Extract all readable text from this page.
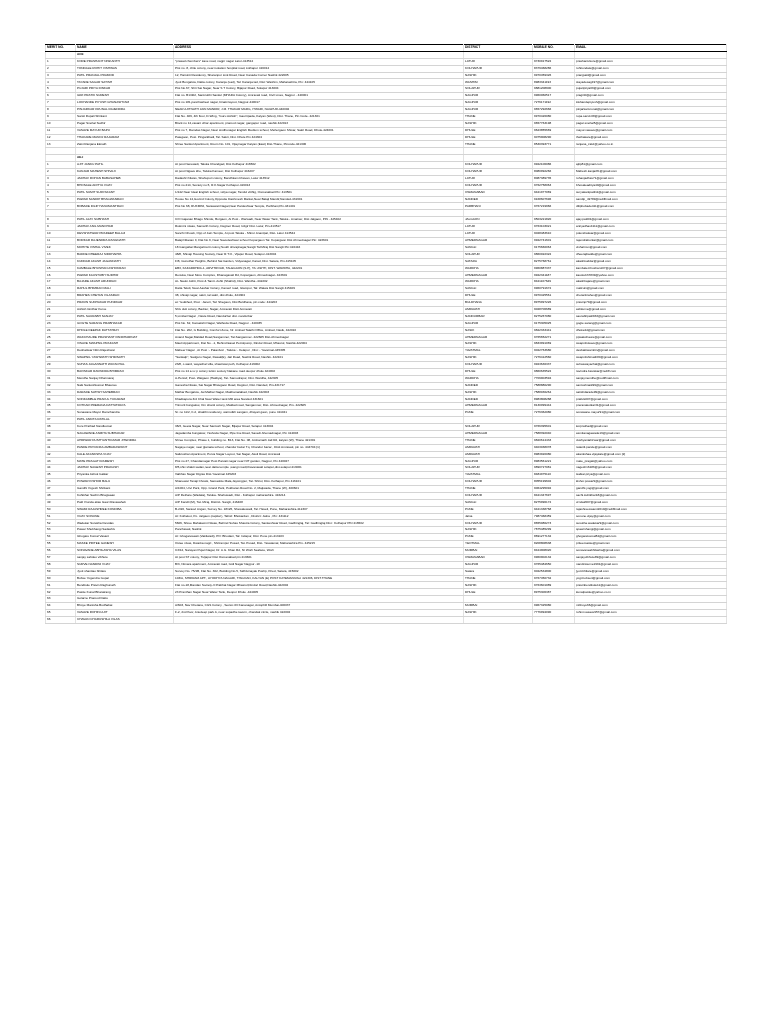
MERIT NO.	NAME	ADDRESS	DISTRICT	MOBILE NO.	EMAIL
	ACE				
1	KORE PRASHANT NISKANTH	"prasad chembers" kave road, nagpr nagar Latur-413512	LATUR	9730917522	prashantvkore@gmail.com
2	TONDALE ROHIT VISHWAS	Plot no. 8, chile colony, near isolation hospital road, kolhapur 416012	KOLHAPUR	8379468286	rohitondale@gmail.com
3	PATIL PRANJAL PRAMOD	12, Harsinti Residency, Sharanpur Link Road, Near Canada Corner Nashik 422005	NASHIK	9970459326	pranjpatil@gmail.com
4	TAYADE SAGAR SATISH	Jyoti Bungalow, Datta colony, Karanja (Lad), Tal: Karanja lad, Dist: Washim, Maharashtra, Pin: 444105	WASHIM	8983341193	stayadesag197@gmail.com
5	PUJARI PRIYA DINKAR	Plot No.67, Shri Sai Nagar, Near S T Colony, Bijapur Road, Solapur 413004	SOLAPUR	9881208900	pujaripriya09@gmail.com
6	GIRI PRATIK SURESH	Flat no. B1/402, Sankrutthi Sankul (MHADA Colony), Amravati road, Civil Lines, Nagpur - 440001	NAGPUR	9960060517	pragiri0@gmail.com
7	LOKHANDE PIYUSH GHANASHYAM	Plot no 181,panchasheel nagar, binaki layout, Nagpur-440017	NAGPUR	7276171192	lokhandepiyush@gmail.com
8	PINJARKAR KRUNAL RAJENDRA	NEAR AJITNATH JAIN MANDIR, J.M. THAKAR MARG, ITWARI, NAGPUR-440002	NAGPUR	9657292666	pinjarkar.krunal@gmail.com
9	Sarsit Rupali Shrikant	Flat No. 409, 4th floor, D-Wing, "Guru Ashish", Gaurripada, Kalyan (West), Dist. Thane, Pin Code- 421301	THANE	9970426080	rupa.sarsit.08@gmail.com
10	Pagar Snehal Sudhir	Block no 12,vasant vihar apartment, pramod nagar, gangapur road, nashik 422013	NASHIK	9657763198	pagar.snehal5@gmail.com
11	VASAVE MAYUR BAPU	Plot no 7, Ramdas Nagar, Near sindhunagar English Medium school, Mehergaon Shivar, Sakri Road, Dhule-424001	DHULE	9623855669	mayur.vasave@gmail.com
12	THAKARE MANOJ RAJARAM	Pategaon, Post. Pingarkhadi, Tal. Sakri, Dist. Dhule Pin 424304	DHULE	9075908290	thethakare@gmail.com
13	Zalvi Ranjana Eknath	Shree Sankul Apartment, Room No. 101, Vijaynagar Kalyan (East) Dist-Thane, Pincode-421306	THANE	8530393771	ranjana_zalvi@yahoo.co.in

	AE-I				
1	AJIT JANKU PATIL	At post Nerewadi, Taluka Chandgad, Dist Kolhapur 416502	KOLHAPUR	9922106086	ajitp81@gmail.com
2	KANJAR MAHESH SHIVAJI	At post Nigave khe, Taluka Karveer, Dist Kolhapur 416207	KOLHAPUR	8080992266	Mahesh.kanjar81@gmail.com
3	JADHAV ROHAN BABASAHEB	Dadashri Niwas, Shahupuri colony, Bandhkam bhavan, Latur 413512	LATUR	8087389735	rohanjadhav71@gmail.com
4	BHOSALE ADITYA VIJAY	Plot no.214, Society no.5, R.K.Nagar Kolhapur-416013	KOLHAPUR	9762758063	bhosaleaditya40@gmail.com
5	PATIL SUMIT SURYAKANT	1/142 Near Ideal English school, vidya nagar, Tandul vitthig, Osmanabad Pin: 413501	OSMANABAD	9421977069	suryakantpatil11@gmail.com
6	PAWAR SANDIP BHAGWANRAO	House No 14,Govind Colony,Opposite Dashmesh Market,Near Balaji Mandir,Nanded-431601	NANDED	9168607696	sandip_n9789@rediffmail.com
7	BOBADE DILIP HANUMANTRAO	Plot No 68, RUKMINI, Saraswati Nagar,Near Pardeshwar Temple, Parbhani,Pin-431401	PARBHANI	9767219966	dilipbobade411@gmail.com

8	PATIL AJAY SUBHASH	C/O Gajanan Bhagu Shinde, Borgaon, At Post - Warwadi, Near Water Tank, Taluka - Amalner, Dist Jalgaon, PIN - 425402	JALGAON	9503221820	ajay.patil01@gmail.com
9	JADHAV ANIL MANOHAR	Rukmini niwas, Samarth Colony, Degloor Road, Udgir Dist. Latur, Pin-413517	LATUR	9763103021	anil.jadhav4111@gmail.com
10	DEVSHATWAR PRADEEP BALAJI	Sanchi Chowk, Opp of Jain Temple, At post Taluka - Shirur Anantpal, Dist- Latur 413544	LATUR	9028483610	pdevshatwar@gmail.com
11	BORKAR RAJENDRA RANGNATH	Balaji Niketan II, Flat No 9, Near Savedeshwar school Kopargaon Tal. Kopargaon Dist Ahmednagar Pin: 423601	AHMEDNAGAR	9922741601	rajendraborkar@gmail.com
12	MOHITE VISHAL VIVEK	18 Gangabai Mangalmurti colony,South shivajinagar,Sangli Tal:Miraj Dist Sangli Pin:416416	SANGLI	9175666063	vishalmvn@gmail.com
13	BADDE DHEERAJ SIDDHAPPA	48/8, Shivaji Housing Society, Near R.T.O., Vijapur Road, Solapur-413004	SOLAPUR	9860022322	dheerajbadde@gmail.com
14	KUDDAR AKASH JAGANNATH	F/8, Gurudhar Heights, Behind Sai Garden, Vidyanagar, Karad, Dist. Satara, Pin-415105	SATARA	8275768761	akashkuddar@gmail.com
15	KAMBALE BHUSHAN ASHOKRAO	EB3, KAKADDHRA-1, ARVITROAD, TALEGAON (S.P), TA: ASHTI, DIST. WARDHA, 442201	WARDHA	9960887337	kambale.bhushan107@gmail.com
16	PAWAR KAUSTUBH SUDHIR	Renuka, Near More Complex, Dhanagavali Rd, Kopargaon, Ahmednagar- 423601	AHMEDNAGAR	9922341187	kaustubh7839@yahoo.com
17	BAJARE AKASH ARUNRAO	At- Nautn Ashti, Post & Tamil- Ashti (Shahid), Dist- Wardha -442202	WARDHA	8421107649	akashbajare@gmail.com
18	RAHUL BHIMRAO MALI	Datta Tekdi, Near Aashar Colony, Kamerl road, Islampur, Tal: Walwa Dist Sangli 415409	SANGLI	9960791672	malirui1@gmail.com
19	BRAHES CHETAN VILASRAO	38, shivaji nagar, sakri, tal sakri, dist dhule, 424304	DHULE	9970425561	chetanbrahes@gmail.com
20	PRAVIN SUDHAKAR PUNDKAR	at: Yeulkhed, Post : Janori, Tal: Shegaon, Dist Buldhana, pin code: 444203	BULDHANA	8975997226	pravinp79@gmail.com
21	Ashish Girdhar Kurve	Shiv dutt colony, Badnur, Nagar, Amravati Distt Amravati	AMRAVATI	9028706689	ashkurve@gmail.com
22	PATIL SAURABH SANJAY	5,Limbai Nagar , Navle Road, Nandurbar dist. nandurbar	NANDURBAR	8275267080	saurabhpatil933@gmail.com
23	GOGTE SARANG PRABHAKAR	Plot No. 62, Kamakshi Nagar, Wathoda Road, Nagpur - 440035	NAGPUR	9175305025	gogte.sarang@gmail.com
24	DHOLE DEEPAK DATTATRAY	Flat No. 202, G Building, Comfort Zone, Nr. Ambad Talathi Office, Ambad, Nasik, 422010	NASIK	9822333441	dhoke4d@gmail.com
25	WAKCHAURE PRASHANT PANDHARINAT	Anand Nagar,Maldad Road,Sangamner, Tal-Sangamner- 422605 Dist-Ahmednagar	AHMEDNAGAR	9765652271	ppwakchaure@gmail.com
26	VISAVE SWAPNIL PRAKASH	Mauli Appartment, Flat No. -1, Behind Easel Petrolpump, Dindori Road, Mhasrul, Nashik-422004	NASHIK	9833991069	swapnilvisave@gmail.com
27	Deshatiwar Nitin Rajeshwar	Maheer Nagar , At Post :- Patanbori , Taluka :- Kelapur , Dist :- Yavatmal-445305	YAVATMAL	9022763680	desbattiwarnitin@gmail.com
28	SWAPNIL YASHWATH SHIRSATH	"Sankalp", Sadguru Nagar, Dasak(E), Jail Road, Nashik Road, Nashik- 422101	NASHIK	7276412560	swapnilshirsath80@gmail.com
29	SUHAS JAGANNATH WAYACHAL	23/8, c-ward, wayachal villa, shastrawi peth, Kolhapur-416002	KOLHAPUR	9923636337	suhaswayachal@gmail.com
30	BAVISKAR RAVINDRA BHIMRAO	Plot no 14 a.v.r.p colony tulsin society Nakane road deopur dhule 424002	DHULE	9860635522	ravindra.baviskar@rediff.com
31	Mendhe Sanjay Dharmaraj	A-Period; Post- Waigaon (Haldiya), Tal- Samudrapur, Dist. Wardha, 442305	WARDHA	7709903594	sanjaymendhe@rediffmail.com
32	Naik Santoshkumar Bhaurao	Ganesha Niwas, Sai Nagar Bhavgaon Road, Degloor, Dist. Nanded, Pin-431717	NANDED	7588880290	santoshnaik99@gmail.com
33	DARADE SATISH SAHEBRAO	Malhar Bungalow, Jai Malhar Nagar, Makhamalabad, Nashik 422003	NASHIK	7588036264	satishdarade99@gmail.com
34	SONKAMBLE PRAFUL TUKARAM	Khadkapura 3rd Chal Near Water tank Mill area Nanded 431601	NANDED	8983808288	prafuls007@gmail.com
35	KOTKAR PRERANA DATTATRAYA	Trimurti bungalow, Om shanti colony, Maldad road, Sangamner, Dist- Ahmednagar, Pin- 422605	AHMEDNAGAR	8130099444	preranakotkar31@gmail.com
36	Sonawane Mayur Ramchandra	Sr. no 11/2, F-2, shakthi residency, warrudkh sangam, dhayari gaon, pune 411041	PUNE	7276362080	sonawane.mayur91@gmail.com
37	PATIL ANKITA RATILAL				
38	Kore Prathad Nandkumar	38/3, Geeta Nagar, Near Santosh Nagar, Bijapur Road, Solapur 413004	SOLAPUR	9766395601	korprathad@gmail.com
39	NAGAWADE ASMITA SUBHAKAR	Jagadamba bungalow, Yashoda Nagar, Pipe line Road, Savedi Ahemadnagar, Pin 414003	AHMEDNAGAR	7588392040	asmitanagawade19@gmail.com
40	AHIRWAR DUSHYANTKUMAR JITENDRA	Shree Complex, Phase 1, building no. B13, Flat No. 08, Ambarnath Jail Rd, kalyan (W), Thane 421301	THANE	9820614433	dushyantahirwar@gmail.com
41	PANDE PRIYANKA AMBADASPANT	Nagaye nagar, near jijamata school, chandur bazar Tq. Chandur bazar , Distt Amravati, pin no. 444704 [1]	AMRAVATI	9403038078	ratanilt.pande@gmail.com
42	KALE AKANKSHA VIJAY	Saikrushan Apartment, Purva Nagar Layout, Sai Nagar, Akoli Road, Amravati	AMRAVATI	8983920080	akankshaa.vijaykale@gmail.com [2]
43	MATE PRAGATI RAMESH	Plot no.27, Chandamagar Post Parvati nagar near NIT garden, Nagpur, Pin 440027	NAGPUR	8983561221	mate_pragati@yahoo.com
44	JADHAV NAGESH PRAKASH	8/5,shiv shakti sadan,near datta temple ,wangi road,bhavanasali solapur,dist-solapur.413001	SOLAPUR	9890727081	nagesh16186@gmail.com
45	Priyanka Ashok Isalkar	Vaibhav Nagar Digras Dist-Yavatmal 445203	YAVATMAL	8484975110	isalkar.priya@gmail.com
46	POWAR KISHOR BALU	Shanewar Tanaji Chowk, Samadole Mala,Jaysingpur, Tal- Shirol, Dist- Kolhapur, Pin 416101	KOLHAPUR	8055199602	kishor.powar9@gmail.com
47	Gandhi Yogesh Shrikant	A/1004, Urvi Park, Opp. Grand Park, Pokharan Road No. 2, Majiwada, Thane (W), 400601	THANE	9064295092	gandhi.yogi@gmail.com
48	Kuhikhar Sachin Bhagwaan	A/P Rethare (Wadala), Taluka- Shahuwadi, Dist - Kolhapur maharashtra. 416214	KOLHAPUR	8421347697	sachi.kuhikhar18@gmail.com
49	Patil Vrunda alias Gauri Ravasaheb	A/P Kandli (M), Tal- Miraj, District- Sangli, 416408	SANGLI	8275996172	vrnda2007@gmail.com
50	SWAMI RAJASHREE KONDIBA	B-2/20, Sarasvi Angan, Survey No. 18/4/6, Shewalewadi, Tal. Haveli, Pune, Maharashtra-412307	PUNE	9421338768	rajashreeswami2010@rediffmail.com
51	VIJAY SONUNE	At: Kolhekot, Po. Jalgaon (capital ), Tahsil: Bhokardan , District: Jalna , Pin: 431112	Jalna	7987468459	sonune.vijay@gmail.com
52	Wadekar Surekha Devidas	5606, Shree Mahalaxmi Niwas, Behind Suhas Shastra Colony, Sankeshwar Road, Gadhinglaj, Tal: Gadhinglaj Dist : Kolhapur PIN 416502	KOLHAPUR	8655086273	surekha.wadekar9@gmail.com
53	Pawar Shubhangi Sadashiv	Panchavati, Nashik	NASHIK	7875485299	spawrshangi@gmail.com
54	Ghogare Komal Vasant	At: Ghogarewasti (Vakilwadi), PO: Bhodani, Tal: Indapur, Dist: Pune pin-413103	PUNE	8691277132	ghogarekomal84@gmail.com
55	MASKE PRITEE GANESH	Ostee nivas, Dwarka nagri , Shrirampur Pusad, Tal- Pusad, Dist- Yavatamal, Maharashtra Pin- 445215	YEOTMAL	8208808638	priteemaske@gmail.com
56	SONAVANE ABHILASHA VILAS	C3/12, Narayan Pujari Nagar, Dr. A.G. Khan Rd, Nr Worli Seaface, Worli	MUMBAI	8424908020	sonavaneabhilasha@gmail.com
57	sanjay sahdeo vibhute	At post ST colony, Tuljapur Dist Osmanabad pin 413601	OSMANABAD	9960902132	sanjayvibhute89@gmail.com
58	SURVE NANDINI VIJAY	B/3, Nimara apartment, Amravati road, Gidi Nagar Nagpur -10	NAGPUR	9765484650	nandinisurve1991@gmail.com
59	Jyoti shantiao bhilare	Survey No. 75/1B, Flat No. 302, Building No.5, Sidhivinayak Pushp, Khed, Satara, 415002	Satara	9022534800	jyoti.bhilare@gmail.com
60	Bobse Yogendra Gopal	103/A, SHRIRAM APT., AYODHYA NAGARI, TISGOAN, KALYAN (E) POST KATEMANIVALI 421306, DIST.THANE	THANE	9767450732	yogi.bobse4@gmail.com
61	Bendkule Pravin Raghunath	Flat no-18,Mandan Society-3 Prabhat Nagar Mhasrul,Dindori Road,Nashik-422004	NASHIK	9763601089	pravinbendkule11@gmail.com
62	Patole Kunal Bharatrang	23 Pranthan Nagar Near Water Tank, Deopur Dhule -424005	DHULE	8975306387	kunalpatole@yahoo.co.in
63	Golarne Pramod Dattu				
64	Bhoye Manisha Budhabai	A/603, Nav Chetana, CGS Colony , Sector-03 Kananagar, Antophill Mumbai-400037	MUMBAI	9967325080	mbhoye66@gmail.com
65	VASAVE ROHINI AJIT	F-2, 2nd floor, Anudeep park A, near supadhe tavern, chandak circle, nashik 422002	NASHIK	7776994090	rohini.vasave957@gmail.com
66	CHAVAN CHARUSHILA VILAS				
